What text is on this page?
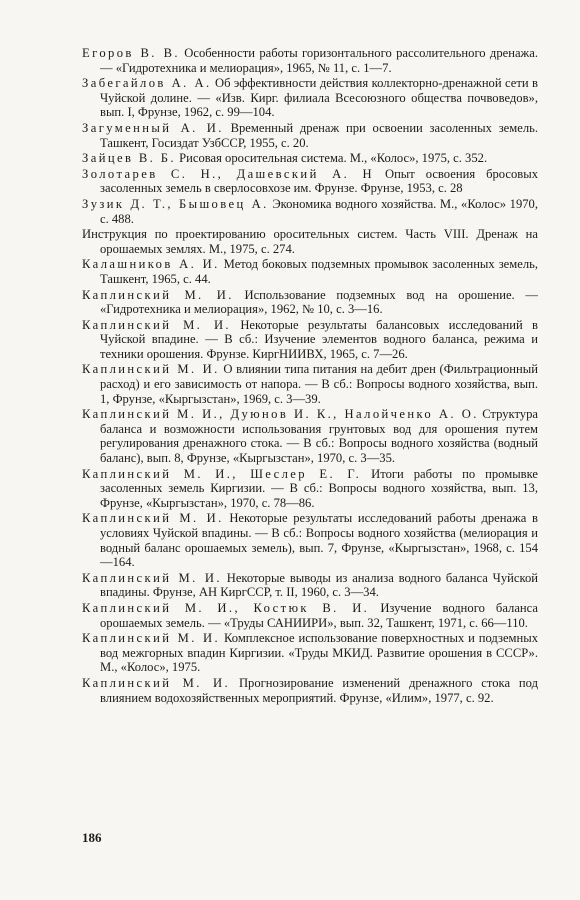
Егоров В. В. Особенности работы горизонтального рассолительного дренажа. — «Гидротехника и мелиорация», 1965, № 11, с. 1—7.

Забегайлов А. А. Об эффективности действия коллекторно-дренажной сети в Чуйской долине. — «Изв. Кирг. филиала Всесоюзного общества почвоведов», вып. I, Фрунзе, 1962, с. 99—104.

Загуменный А. И. Временный дренаж при освоении засоленных земель. Ташкент, Госиздат УзбССР, 1955, с. 20.

Зайцев В. Б. Рисовая оросительная система. М., «Колос», 1975, с. 352.

Золотарев С. Н., Дашевский А. Н Опыт освоения бросовых засоленных земель в сверлосовхозе им. Фрунзе. Фрунзе, 1953, с. 28

Зузик Д. Т., Бышовец А. Экономика водного хозяйства. М., «Колос» 1970, с. 488.

Инструкция по проектированию оросительных систем. Часть VIII. Дренаж на орошаемых землях. М., 1975, с. 274.

Калашников А. И. Метод боковых подземных промывок засоленных земель, Ташкент, 1965, с. 44.

Каплинский М. И. Использование подземных вод на орошение. — «Гидротехника и мелиорация», 1962, № 10, с. 3—16.

Каплинский М. И. Некоторые результаты балансовых исследований в Чуйской впадине. — В сб.: Изучение элементов водного баланса, режима и техники орошения. Фрунзе. КиргНИИВХ, 1965, с. 7—26.

Каплинский М. И. О влиянии типа питания на дебит дрен (Фильтрационный расход) и его зависимость от напора. — В сб.: Вопросы водного хозяйства, вып. 1, Фрунзе, «Кыргызстан», 1969, с. 3—39.

Каплинский М. И., Дуюнов И. К., Налойченко А. О. Структура баланса и возможности использования грунтовых вод для орошения путем регулирования дренажного стока. — В сб.: Вопросы водного хозяйства (водный баланс), вып. 8, Фрунзе, «Кыргызстан», 1970, с. 3—35.

Каплинский М. И., Шеслер Е. Г. Итоги работы по промывке засоленных земель Киргизии. — В сб.: Вопросы водного хозяйства, вып. 13, Фрунзе, «Кыргызстан», 1970, с. 78—86.

Каплинский М. И. Некоторые результаты исследований работы дренажа в условиях Чуйской впадины. — В сб.: Вопросы водного хозяйства (мелиорация и водный баланс орошаемых земель), вып. 7, Фрунзе, «Кыргызстан», 1968, с. 154—164.

Каплинский М. И. Некоторые выводы из анализа водного баланса Чуйской впадины. Фрунзе, АН КиргССР, т. II, 1960, с. 3—34.

Каплинский М. И., Костюк В. И. Изучение водного баланса орошаемых земель. — «Труды САНИИРИ», вып. 32, Ташкент, 1971, с. 66—110.

Каплинский М. И. Комплексное использование поверхностных и подземных вод межгорных впадин Киргизии. «Труды МКИД. Развитие орошения в СССР». М., «Колос», 1975.

Каплинский М. И. Прогнозирование изменений дренажного стока под влиянием водохозяйственных мероприятий. Фрунзе, «Илим», 1977, с. 92.

186
